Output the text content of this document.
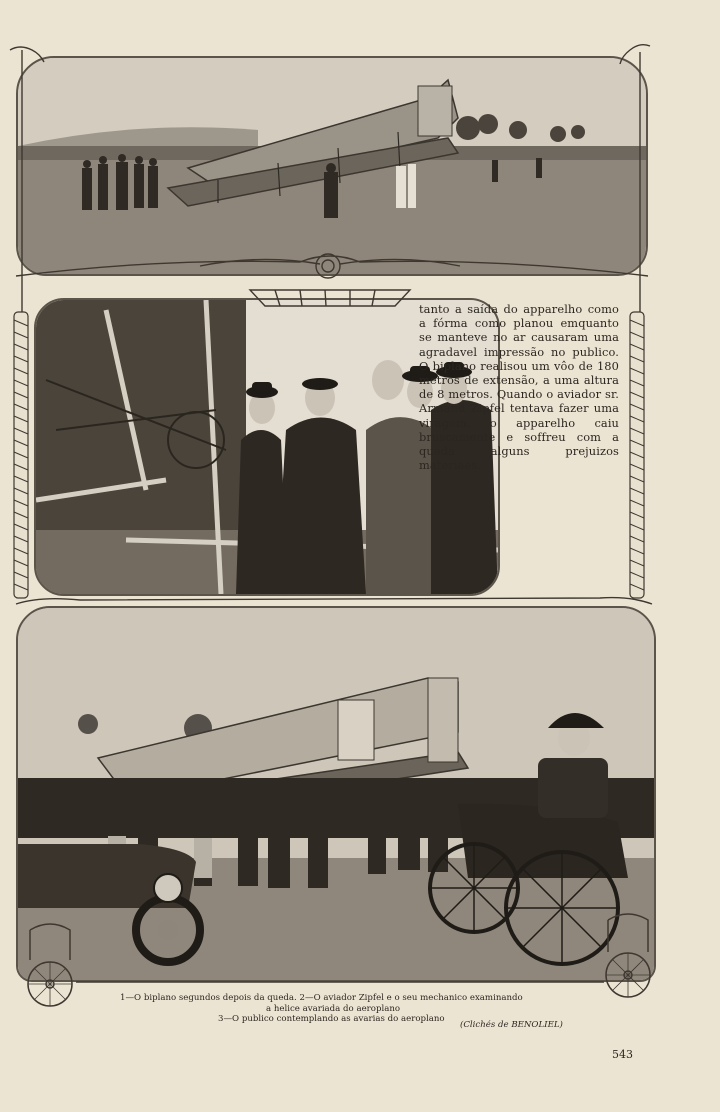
tanto a saída do apparelho como a fórma como planou emquanto se manteve no ar causaram uma agradavel impressão no publico. O biplano realisou um vôo de 180 metros de extensão, a uma altura de 8 metros. Quando o aviador sr. Armand Zipfel tentava fazer uma viragem, o apparelho caiu bruscamente e soffreu com a queda alguns prejuizos materiaes.

1—O biplano segundos depois da queda. 2—O aviador Zipfel e o seu mechanico examinando

a helice avariada do aeroplano

3—O publico contemplando as avarias do aeroplano

(Clichés de BENOLIEL)

543
